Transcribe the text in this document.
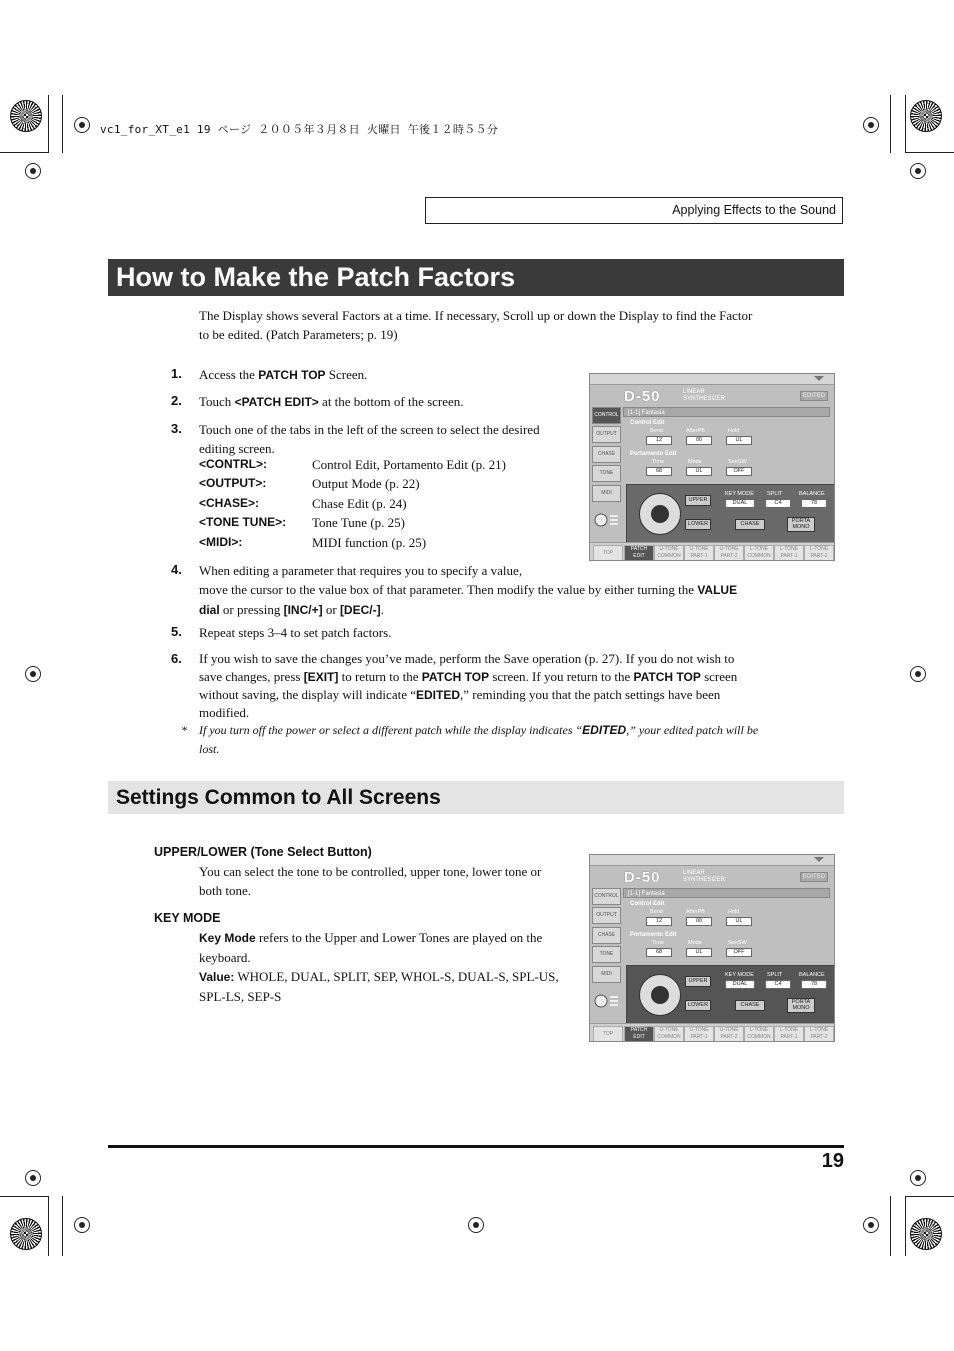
vc1_for_XT_e1 19 ページ ２００５年３月８日 火曜日 午後１２時５５分
Applying Effects to the Sound
How to Make the Patch Factors
The Display shows several Factors at a time. If necessary, Scroll up or down the Display to find the Factor
to be edited. (Patch Parameters; p. 19)
1. Access the PATCH TOP Screen.
2. Touch <PATCH EDIT> at the bottom of the screen.
3. Touch one of the tabs in the left of the screen to select the desired
editing screen.
<CONTRL>:	Control Edit, Portamento Edit (p. 21)
<OUTPUT>:	Output Mode (p. 22)
<CHASE>:	Chase Edit (p. 24)
<TONE TUNE>: Tone Tune (p. 25)
<MIDI>:	MIDI function (p. 25)
4. When editing a parameter that requires you to specify a value,
move the cursor to the value box of that parameter. Then modify the value by either turning the VALUE
dial or pressing [INC/+] or [DEC/-].
5. Repeat steps 3–4 to set patch factors.
6. If you wish to save the changes you’ve made, perform the Save operation (p. 27). If you do not wish to
save changes, press [EXIT] to return to the PATCH TOP screen. If you return to the PATCH TOP screen
without saving, the display will indicate “EDITED,” reminding you that the patch settings have been
modified.
* If you turn off the power or select a different patch while the display indicates “EDITED,” your edited patch will be
lost.
Settings Common to All Screens
UPPER/LOWER (Tone Select Button)
You can select the tone to be controlled, upper tone, lower tone or
both tone.
KEY MODE
Key Mode refers to the Upper and Lower Tones are played on the
keyboard.
Value: WHOLE, DUAL, SPLIT, SEP, WHOL-S, DUAL-S, SPL-US,
SPL-LS, SEP-S
D-50	LINEAR
SYNTHESIZER	EDITED
[1-1] Fantasia
CONTROL
OUTPUT
CHASE
TONE
MIDI
Control Edit
Bend	AfterPB	Hold
12	00	UL
Portamento Edit
Time	Mode	SeeSW
68	UL	OFF
UPPER
LOWER
KEY MODE SPLIT	BALANCE
DUAL	C4	78
CHASE	PORTA MONO
TOP
PATCH EDIT
U-TONE COMMON
U-TONE PART-1
U-TONE PART-2
L-TONE COMMON
L-TONE PART-1
L-TONE PART-2
D-50	LINEAR
SYNTHESIZER	EDITED
[1-1] Fantasia
CONTROL
OUTPUT
CHASE
TONE
MIDI
Control Edit
Bend	AfterPB	Hold
12	00	UL
Portamento Edit
Time	Mode	SeeSW
68	UL	OFF
UPPER
LOWER
KEY MODE SPLIT	BALANCE
DUAL	C4	78
CHASE	PORTA MONO
TOP
PATCH EDIT
U-TONE COMMON
U-TONE PART-1
U-TONE PART-2
L-TONE COMMON
L-TONE PART-1
L-TONE PART-2
19
